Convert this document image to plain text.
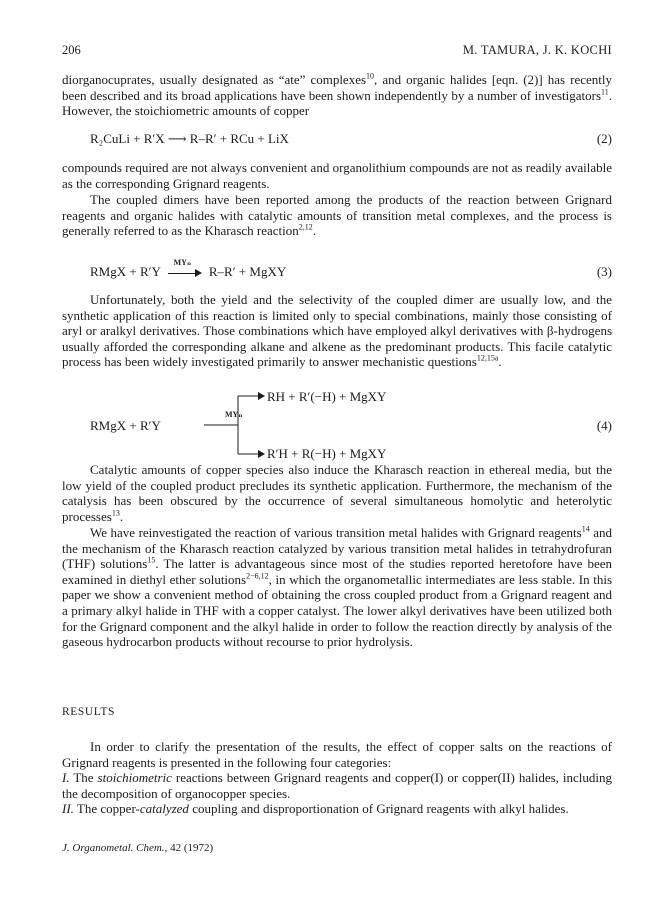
206	M. TAMURA, J. K. KOCHI

diorganocuprates, usually designated as “ate” complexes$^{10}$, and organic halides [eqn. (2)] has recently been described and its broad applications have been shown independently by a number of investigators$^{11}$. However, the stoichiometric amounts of copper

R₂CuLi + R′X ⟶ R–R′ + RCu + LiX	(2)

compounds required are not always convenient and organolithium compounds are not as readily available as the corresponding Grignard reagents.

The coupled dimers have been reported among the products of the reaction between Grignard reagents and organic halides with catalytic amounts of transition metal complexes, and the process is generally referred to as the Kharasch reaction$^{2,12}$.

RMgX + R′Y
MYₙ
R–R′ + MgXY	(3)

Unfortunately, both the yield and the selectivity of the coupled dimer are usually low, and the synthetic application of this reaction is limited only to special combinations, mainly those consisting of aryl or aralkyl derivatives. Those combinations which have employed alkyl derivatives with β-hydrogens usually afforded the corresponding alkane and alkene as the predominant products. This facile catalytic process has been widely investigated primarily to answer mechanistic questions$^{12,15a}$.

RMgX + R′Y
MYₙ
RH + R′(−H) + MgXY
R′H + R(−H) + MgXY
(4)

Catalytic amounts of copper species also induce the Kharasch reaction in ethereal media, but the low yield of the coupled product precludes its synthetic application. Furthermore, the mechanism of the catalysis has been obscured by the occurrence of several simultaneous homolytic and heterolytic processes$^{13}$.

We have reinvestigated the reaction of various transition metal halides with Grignard reagents$^{14}$ and the mechanism of the Kharasch reaction catalyzed by various transition metal halides in tetrahydrofuran (THF) solutions$^{15}$. The latter is advantageous since most of the studies reported heretofore have been examined in diethyl ether solutions$^{2-6,12}$, in which the organometallic intermediates are less stable. In this paper we show a convenient method of obtaining the cross coupled product from a Grignard reagent and a primary alkyl halide in THF with a copper catalyst. The lower alkyl derivatives have been utilized both for the Grignard component and the alkyl halide in order to follow the reaction directly by analysis of the gaseous hydrocarbon products without recourse to prior hydrolysis.

RESULTS

In order to clarify the presentation of the results, the effect of copper salts on the reactions of Grignard reagents is presented in the following four categories:

I. The stoichiometric reactions between Grignard reagents and copper(I) or copper(II) halides, including the decomposition of organocopper species.

II. The copper-catalyzed coupling and disproportionation of Grignard reagents with alkyl halides.

J. Organometal. Chem., 42 (1972)
